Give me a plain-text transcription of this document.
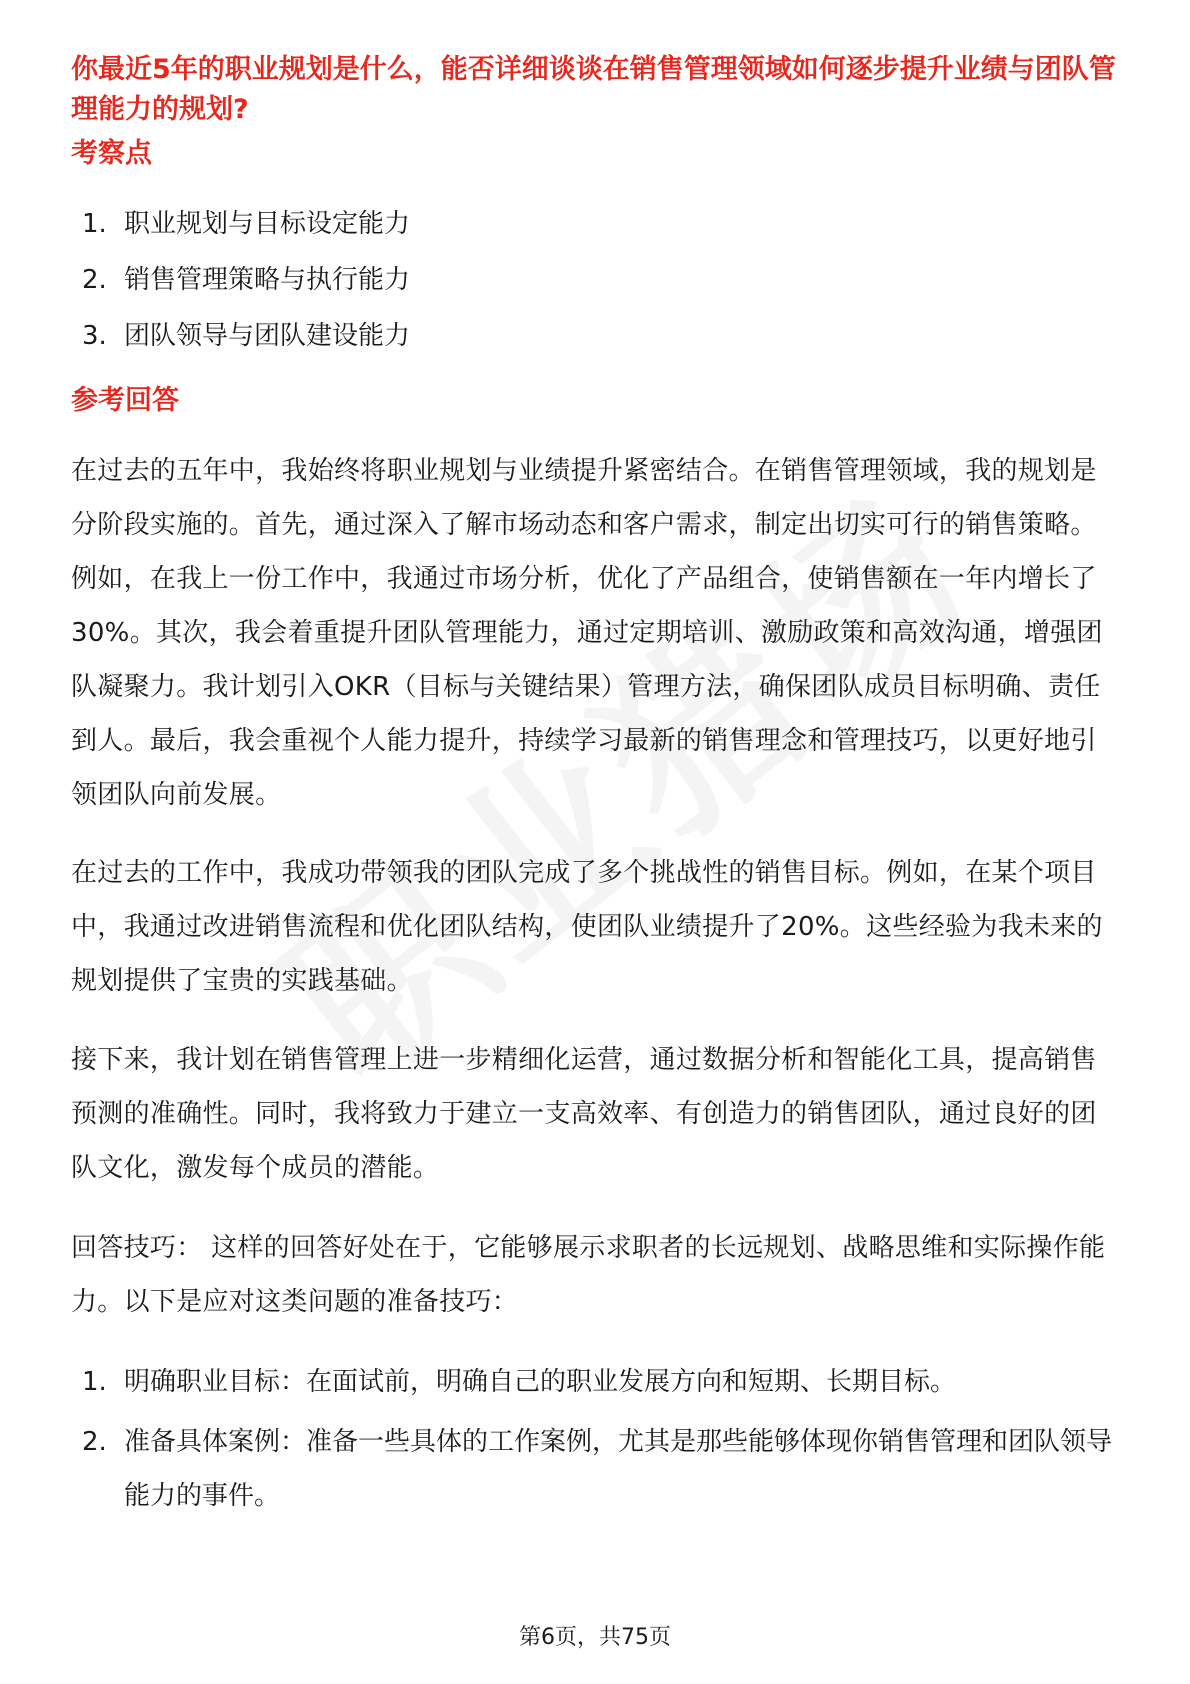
你最近5年的职业规划是什么，能否详细谈谈在销售管理领域如何逐步提升业绩与团队管理能力的规划?
考察点
1. 职业规划与目标设定能力
2. 销售管理策略与执行能力
3. 团队领导与团队建设能力
参考回答

在过去的五年中，我始终将职业规划与业绩提升紧密结合。在销售管理领域，我的规划是分阶段实施的。首先，通过深入了解市场动态和客户需求，制定出切实可行的销售策略。例如，在我上一份工作中，我通过市场分析，优化了产品组合，使销售额在一年内增长了30%。其次，我会着重提升团队管理能力，通过定期培训、激励政策和高效沟通，增强团队凝聚力。我计划引入OKR（目标与关键结果）管理方法，确保团队成员目标明确、责任到人。最后，我会重视个人能力提升，持续学习最新的销售理念和管理技巧，以更好地引领团队向前发展。

在过去的工作中，我成功带领我的团队完成了多个挑战性的销售目标。例如，在某个项目中，我通过改进销售流程和优化团队结构，使团队业绩提升了20%。这些经验为我未来的规划提供了宝贵的实践基础。

接下来，我计划在销售管理上进一步精细化运营，通过数据分析和智能化工具，提高销售预测的准确性。同时，我将致力于建立一支高效率、有创造力的销售团队，通过良好的团队文化，激发每个成员的潜能。

回答技巧： 这样的回答好处在于，它能够展示求职者的长远规划、战略思维和实际操作能力。以下是应对这类问题的准备技巧：

1. 明确职业目标：在面试前，明确自己的职业发展方向和短期、长期目标。
2. 准备具体案例：准备一些具体的工作案例，尤其是那些能够体现你销售管理和团队领导能力的事件。
第6页，共75页
